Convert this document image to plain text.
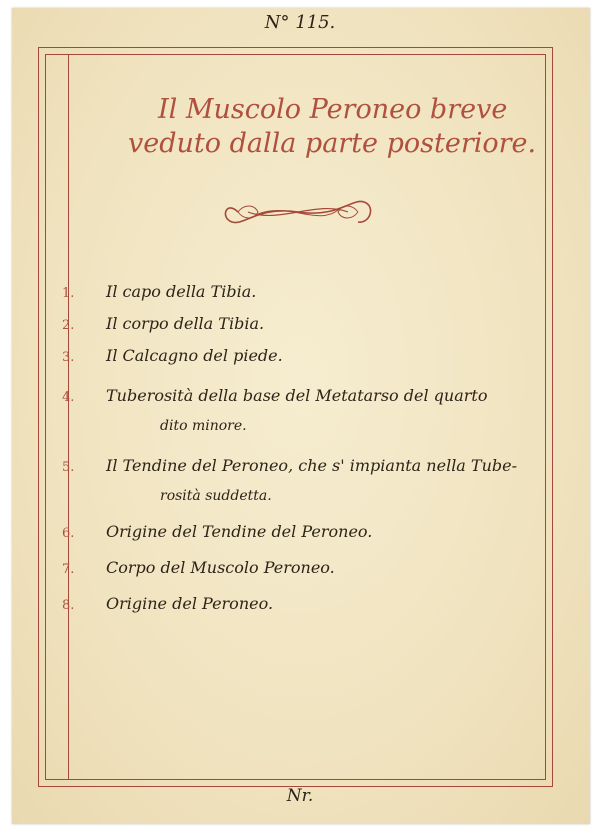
N° 115.
Il Muscolo Peroneo breve
veduto dalla parte posteriore.
1.	Il capo della Tibia.
2.	Il corpo della Tibia.
3.	Il Calcagno del piede.
4.	Tuberosità della base del Metatarso del quarto
dito minore.
5.	Il Tendine del Peroneo, che s' impianta nella Tube-
rosità suddetta.
6.	Origine del Tendine del Peroneo.
7.	Corpo del Muscolo Peroneo.
8.	Origine del Peroneo.
Nr.
